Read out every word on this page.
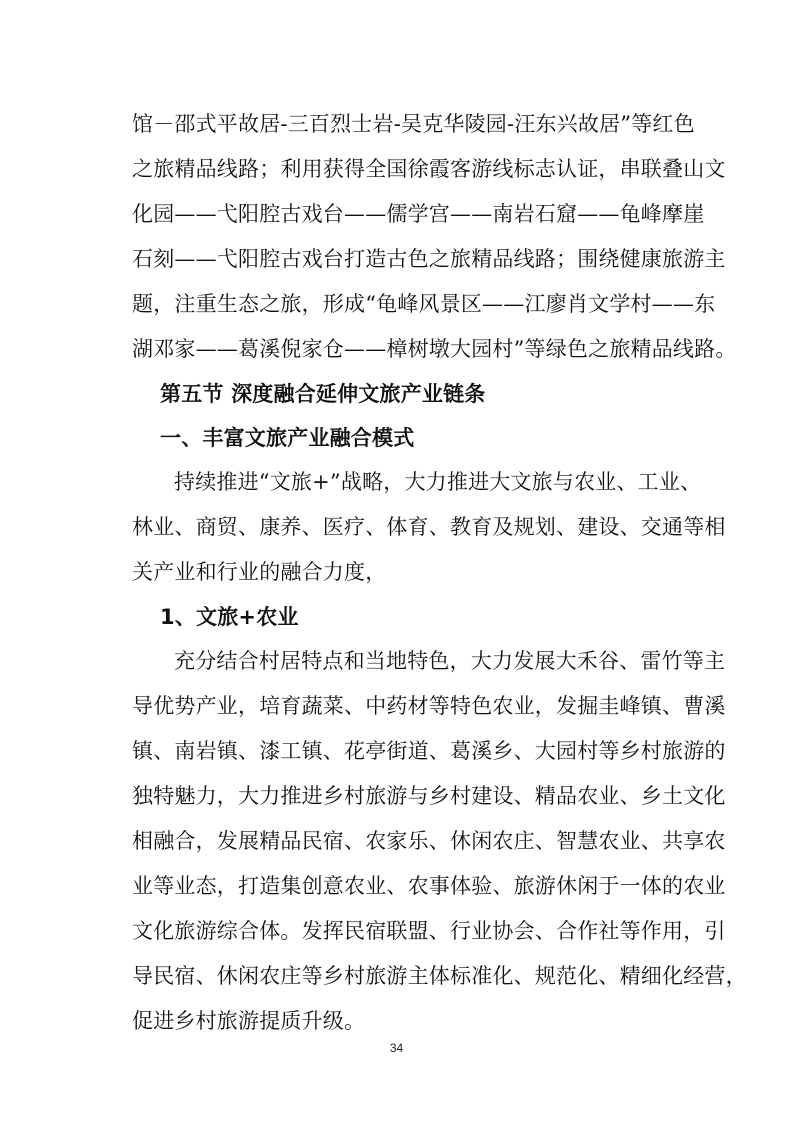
馆－邵式平故居-三百烈士岩-吴克华陵园-汪东兴故居”等红色
之旅精品线路；利用获得全国徐霞客游线标志认证，串联叠山文
化园——弋阳腔古戏台——儒学宫——南岩石窟——龟峰摩崖
石刻——弋阳腔古戏台打造古色之旅精品线路；围绕健康旅游主
题，注重生态之旅，形成“龟峰风景区——江廖肖文学村——东
湖邓家——葛溪倪家仓——樟树墩大园村”等绿色之旅精品线路。
第五节 深度融合延伸文旅产业链条
一、丰富文旅产业融合模式
持续推进“文旅+”战略，大力推进大文旅与农业、工业、
林业、商贸、康养、医疗、体育、教育及规划、建设、交通等相
关产业和行业的融合力度，
1、文旅+农业
充分结合村居特点和当地特色，大力发展大禾谷、雷竹等主
导优势产业，培育蔬菜、中药材等特色农业，发掘圭峰镇、曹溪
镇、南岩镇、漆工镇、花亭街道、葛溪乡、大园村等乡村旅游的
独特魅力，大力推进乡村旅游与乡村建设、精品农业、乡土文化
相融合，发展精品民宿、农家乐、休闲农庄、智慧农业、共享农
业等业态，打造集创意农业、农事体验、旅游休闲于一体的农业
文化旅游综合体。发挥民宿联盟、行业协会、合作社等作用，引
导民宿、休闲农庄等乡村旅游主体标准化、规范化、精细化经营，
促进乡村旅游提质升级。
34
